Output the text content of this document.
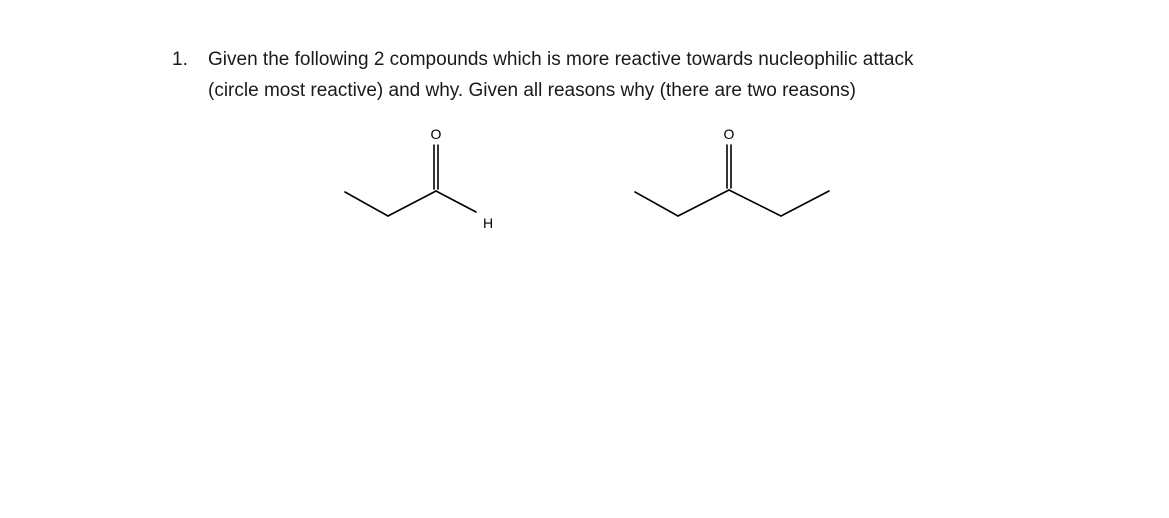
1.	Given the following 2 compounds which is more reactive towards nucleophilic attack
(circle most reactive) and why. Given all reasons why (there are two reasons)
O
H
O
